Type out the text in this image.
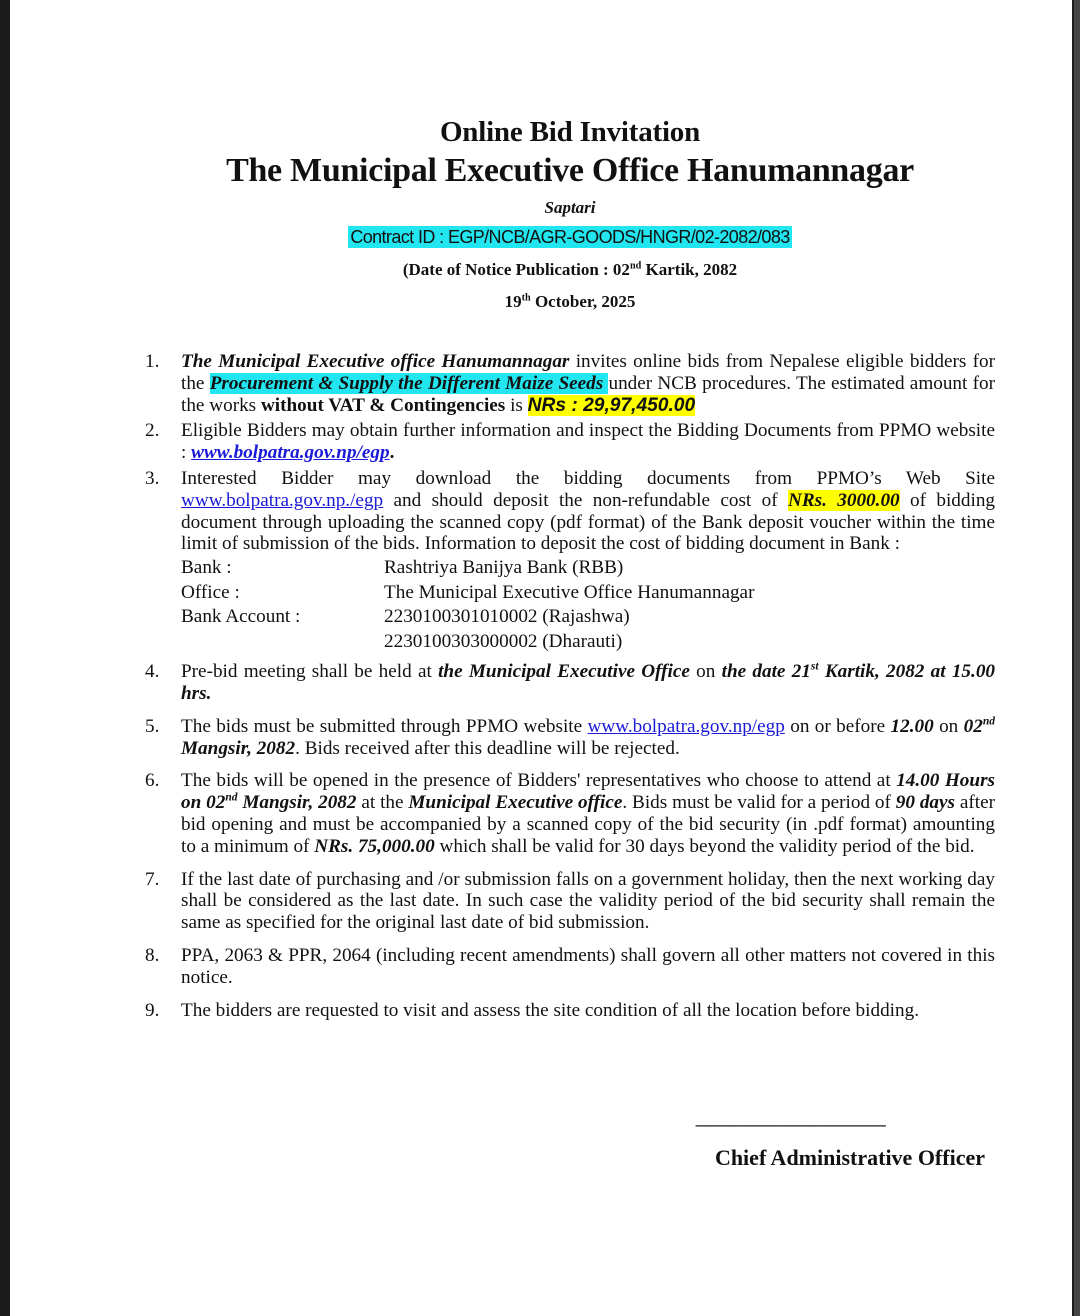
Online Bid Invitation
The Municipal Executive Office Hanumannagar
Saptari
Contract ID : EGP/NCB/AGR-GOODS/HNGR/02-2082/083
(Date of Notice Publication : 02nd Kartik, 2082
19th October, 2025
1. The Municipal Executive office Hanumannagar invites online bids from Nepalese eligible bidders for the Procurement & Supply the Different Maize Seeds under NCB procedures. The estimated amount for the works without VAT & Contingencies is NRs : 29,97,450.00
2. Eligible Bidders may obtain further information and inspect the Bidding Documents from PPMO website : www.bolpatra.gov.np/egp.
3. Interested Bidder may download the bidding documents from PPMO’s Web Site www.bolpatra.gov.np./egp and should deposit the non-refundable cost of NRs. 3000.00 of bidding document through uploading the scanned copy (pdf format) of the Bank deposit voucher within the time limit of submission of the bids. Information to deposit the cost of bidding document in Bank :
Bank :	Rashtriya Banijya Bank (RBB)
Office :	The Municipal Executive Office Hanumannagar
Bank Account :	2230100301010002 (Rajashwa)
2230100303000002 (Dharauti)
4. Pre-bid meeting shall be held at the Municipal Executive Office on the date 21st Kartik, 2082 at 15.00 hrs.
5. The bids must be submitted through PPMO website www.bolpatra.gov.np/egp on or before 12.00 on 02nd Mangsir, 2082. Bids received after this deadline will be rejected.
6. The bids will be opened in the presence of Bidders' representatives who choose to attend at 14.00 Hours on 02nd Mangsir, 2082 at the Municipal Executive office. Bids must be valid for a period of 90 days after bid opening and must be accompanied by a scanned copy of the bid security (in .pdf format) amounting to a minimum of NRs. 75,000.00 which shall be valid for 30 days beyond the validity period of the bid.
7. If the last date of purchasing and /or submission falls on a government holiday, then the next working day shall be considered as the last date. In such case the validity period of the bid security shall remain the same as specified for the original last date of bid submission.
8. PPA, 2063 & PPR, 2064 (including recent amendments) shall govern all other matters not covered in this notice.
9. The bidders are requested to visit and assess the site condition of all the location before bidding.
--------------------------------------------------------------
Chief Administrative Officer
